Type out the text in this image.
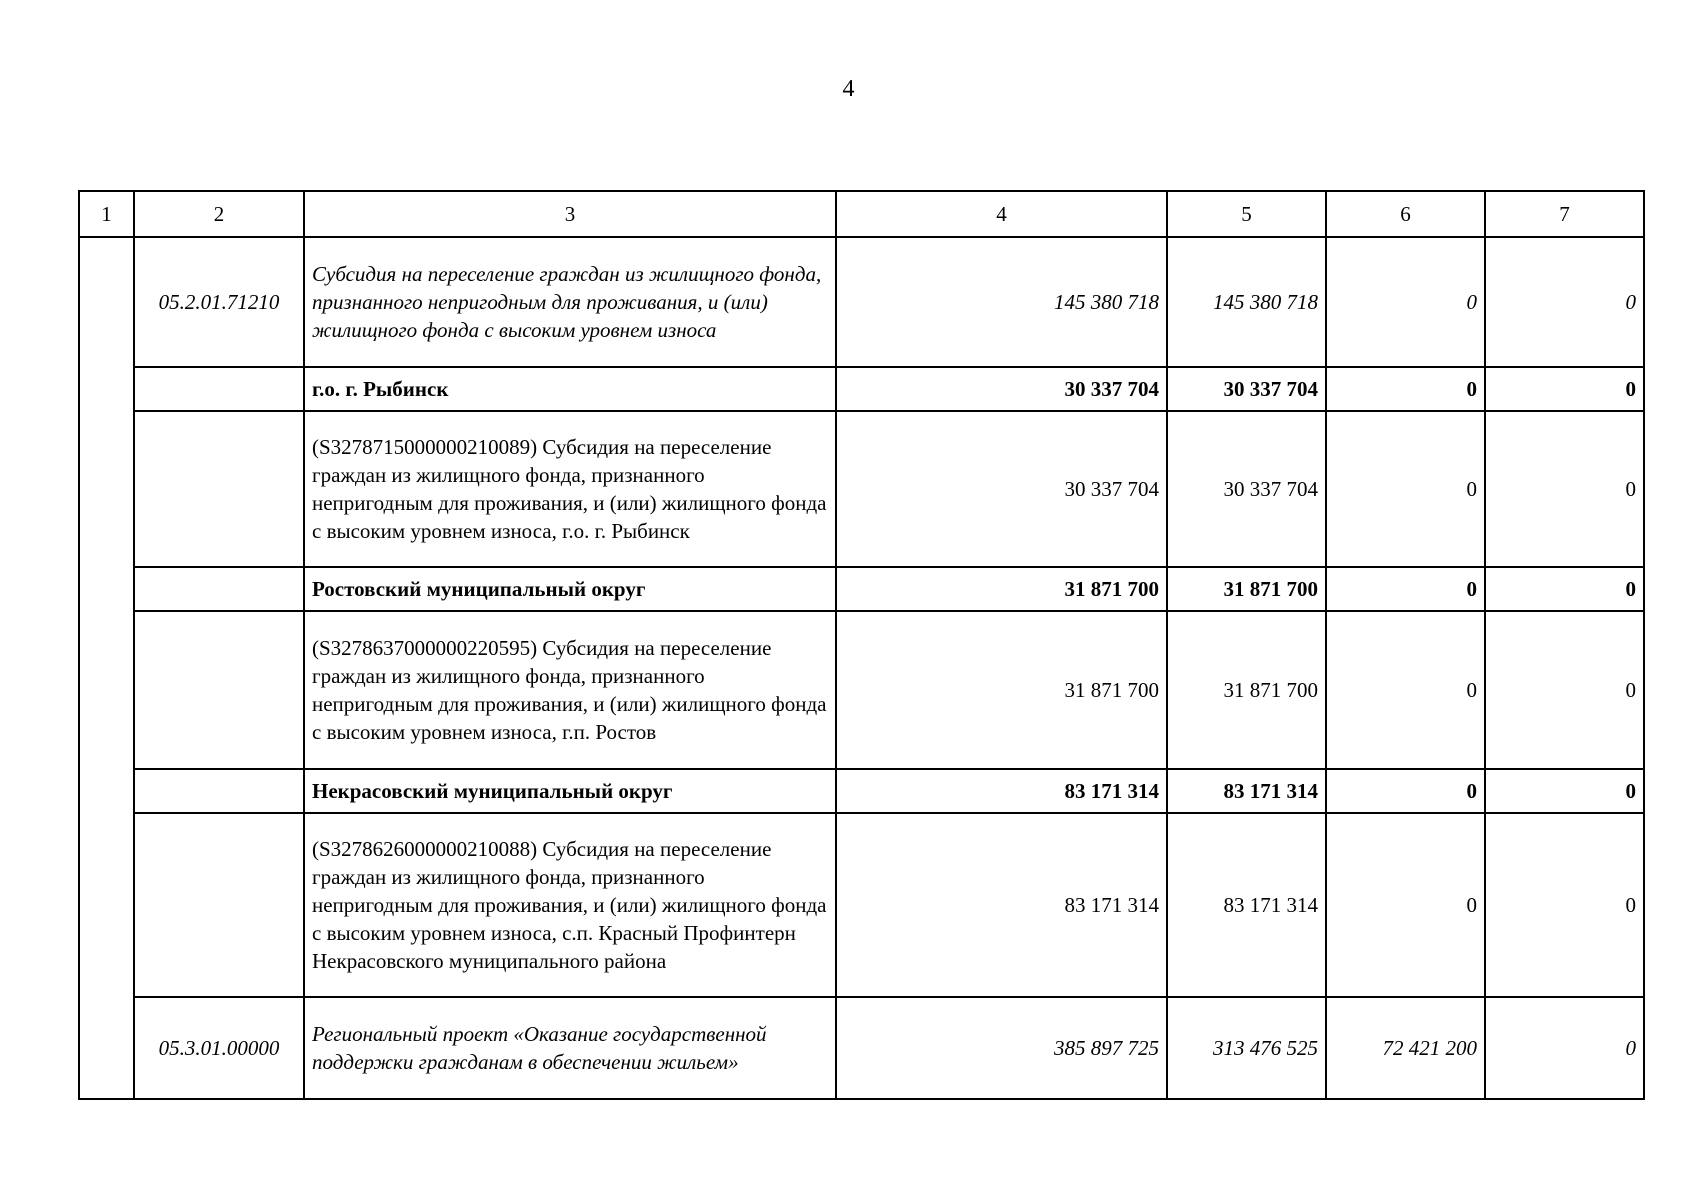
4
1	2	3	4	5	6	7
	05.2.01.71210	Субсидия на переселение граждан из жилищного фонда, признанного непригодным для проживания, и (или) жилищного фонда с высоким уровнем износа	145 380 718	145 380 718	0	0
		г.о. г. Рыбинск	30 337 704	30 337 704	0	0
		(S3278715000000210089) Субсидия на переселение граждан из жилищного фонда, признанного непригодным для проживания, и (или) жилищного фонда с высоким уровнем износа, г.о. г. Рыбинск	30 337 704	30 337 704	0	0
		Ростовский муниципальный округ	31 871 700	31 871 700	0	0
		(S3278637000000220595) Субсидия на переселение граждан из жилищного фонда, признанного непригодным для проживания, и (или) жилищного фонда с высоким уровнем износа, г.п. Ростов	31 871 700	31 871 700	0	0
		Некрасовский муниципальный округ	83 171 314	83 171 314	0	0
		(S3278626000000210088) Субсидия на переселение граждан из жилищного фонда, признанного непригодным для проживания, и (или) жилищного фонда с высоким уровнем износа, с.п. Красный Профинтерн Некрасовского муниципального района	83 171 314	83 171 314	0	0
	05.3.01.00000	Региональный проект «Оказание государственной поддержки гражданам в обеспечении жильем»	385 897 725	313 476 525	72 421 200	0
